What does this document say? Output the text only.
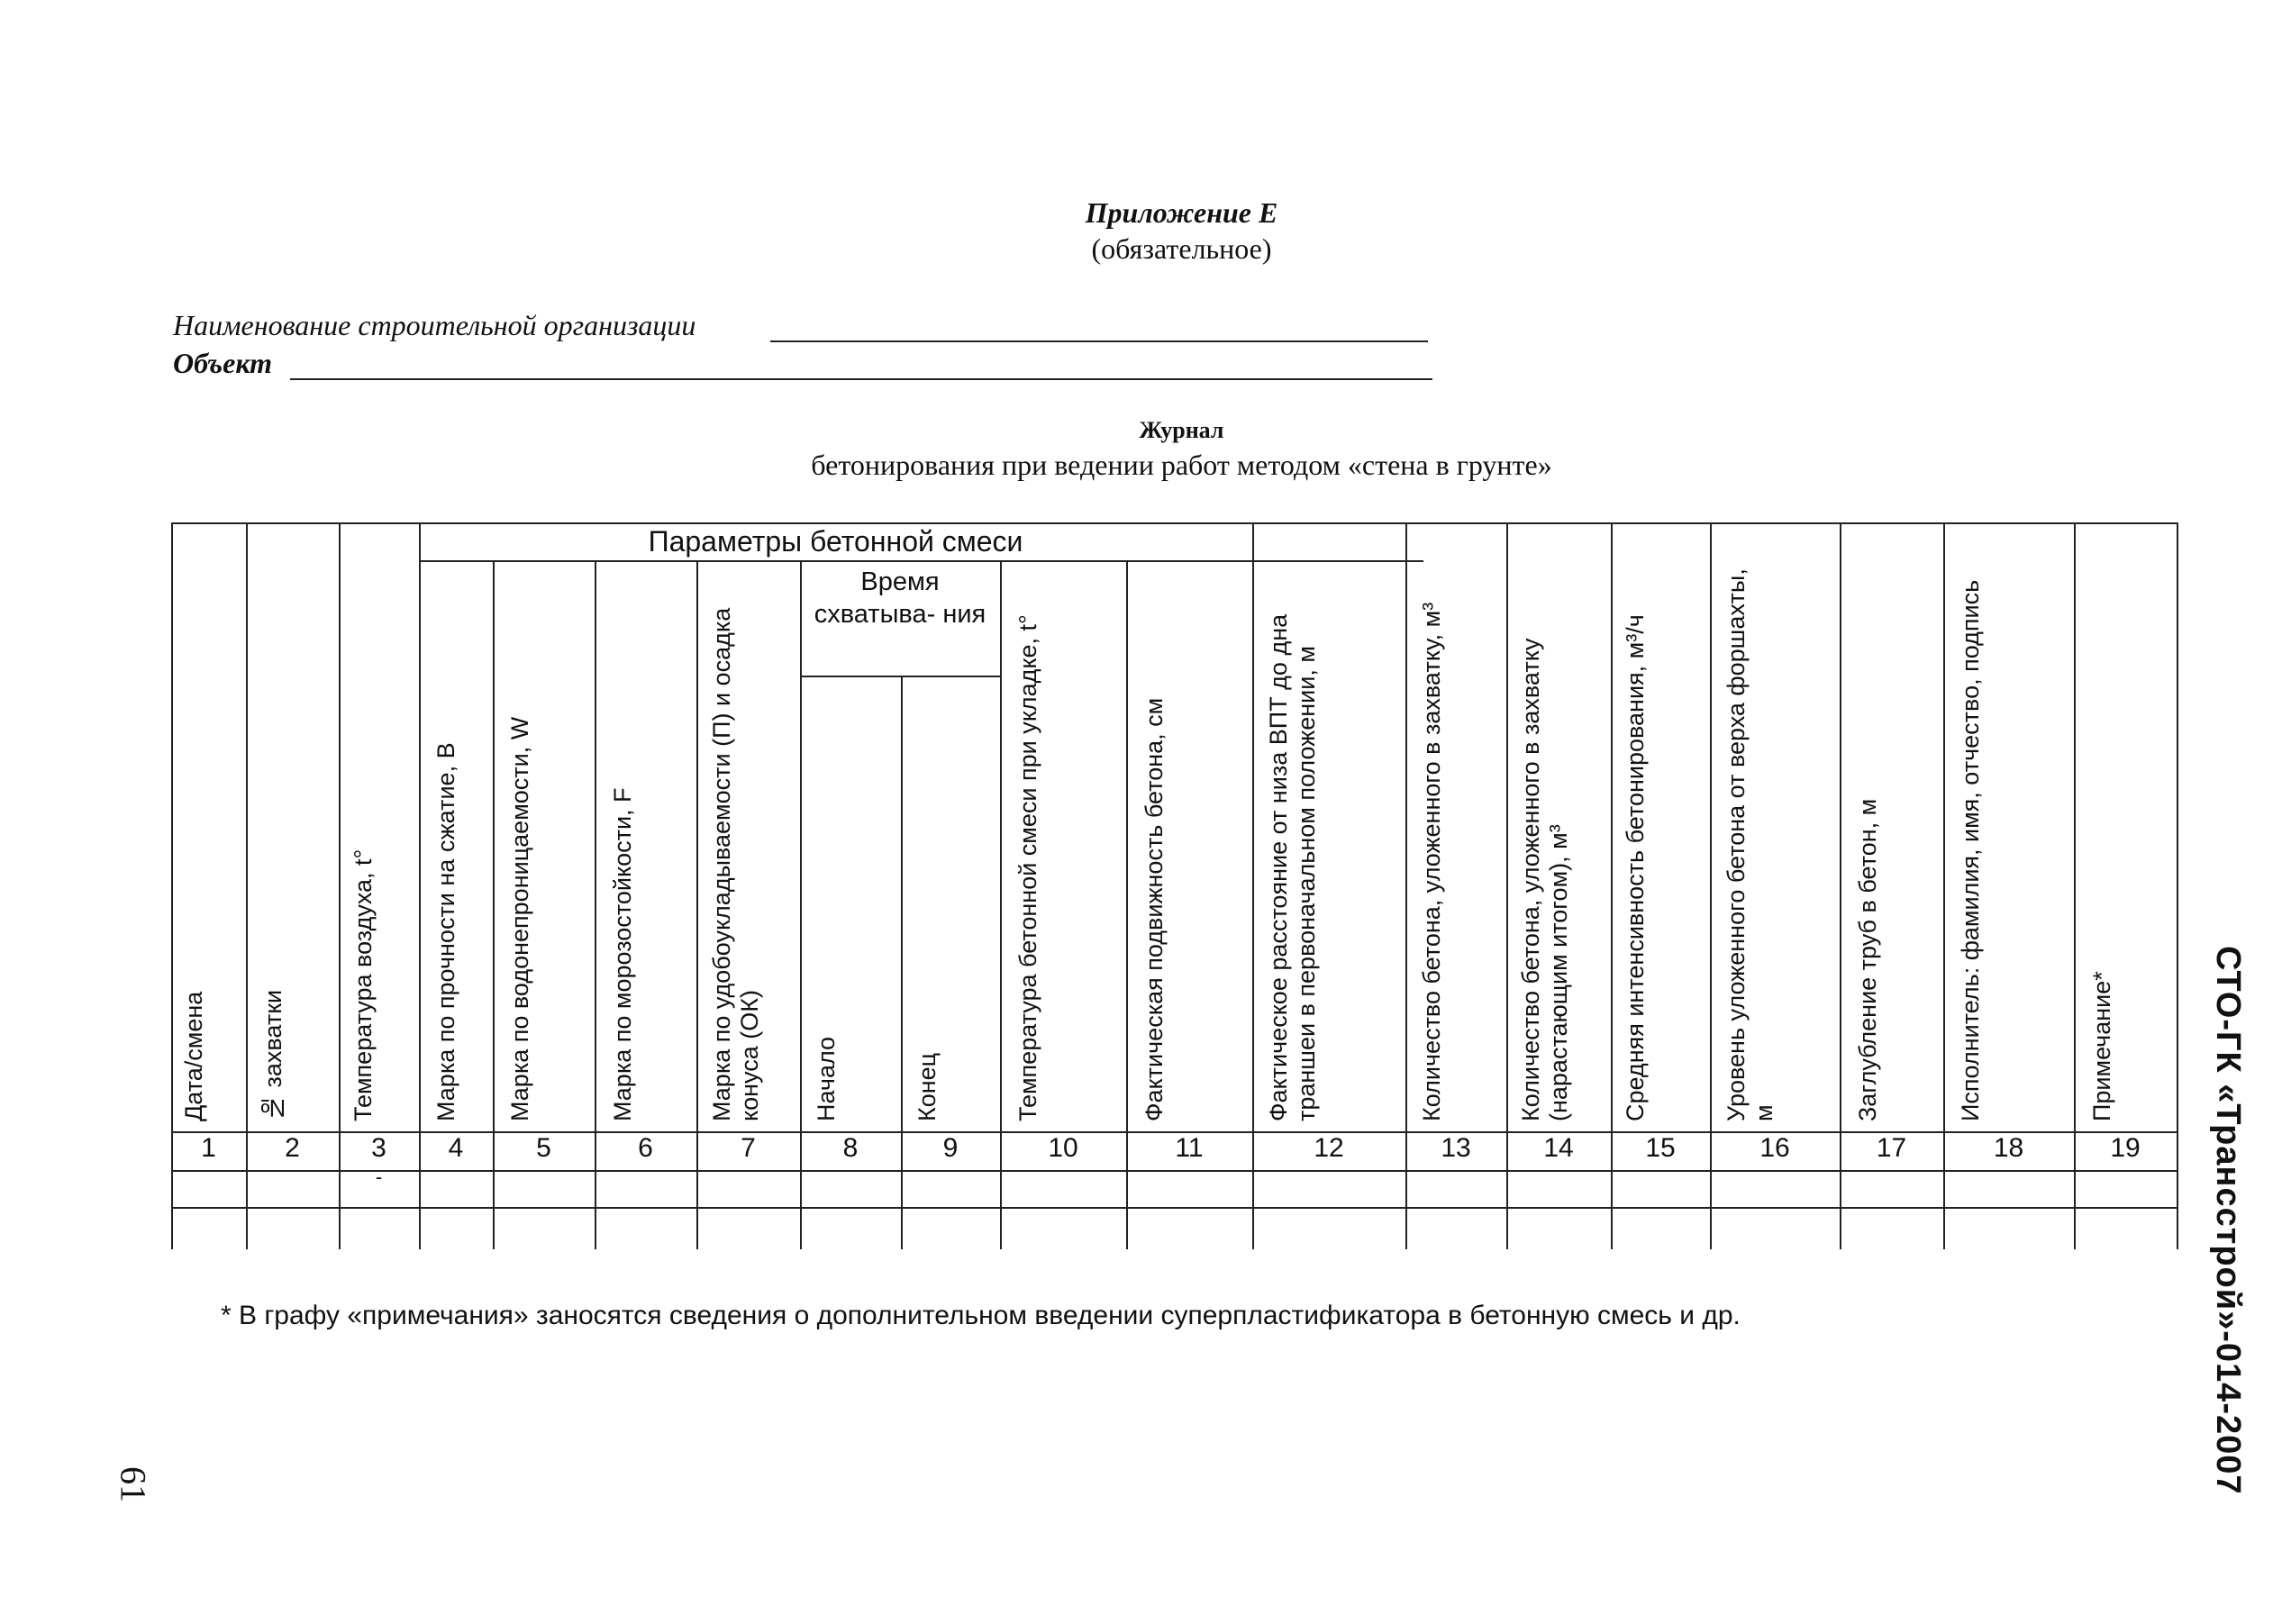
Приложение Е
(обязательное)
Наименование строительной организации
Объект
Журнал
бетонирования при ведении работ методом «стена в грунте»
Параметры бетонной смеси
Время схватыва- ния
Дата/смена	№ захватки	Температура воздуха, t°	Марка по прочности на сжатие, B	Марка по водонепроницаемости, W	Марка по морозостойкости, F	Марка по удобоукладываемости (П) и осадка конуса (ОК)	Начало	Конец	Температура бетонной смеси при укладке, t°	Фактическая подвижность бетона, см	Фактическое расстояние от низа ВПТ до дна траншеи в первоначальном положении, м	Количество бетона, уложенного в захватку, м³	Количество бетона, уложенного в захватку (нарастающим итогом), м³	Средняя интенсивность бетонирования, м³/ч	Уровень уложенного бетона от верха форшахты, м	Заглубление труб в бетон, м	Исполнитель: фамилия, имя, отчество, подпись	Примечание*
1	2	3	4	5	6	7	8	9	10	11	12	13	14	15	16	17	18	19
-
* В графу «примечания» заносятся сведения о дополнительном введении суперпластификатора в бетонную смесь и др.	СТО-ГК «Трансстрой»-014-2007
61
